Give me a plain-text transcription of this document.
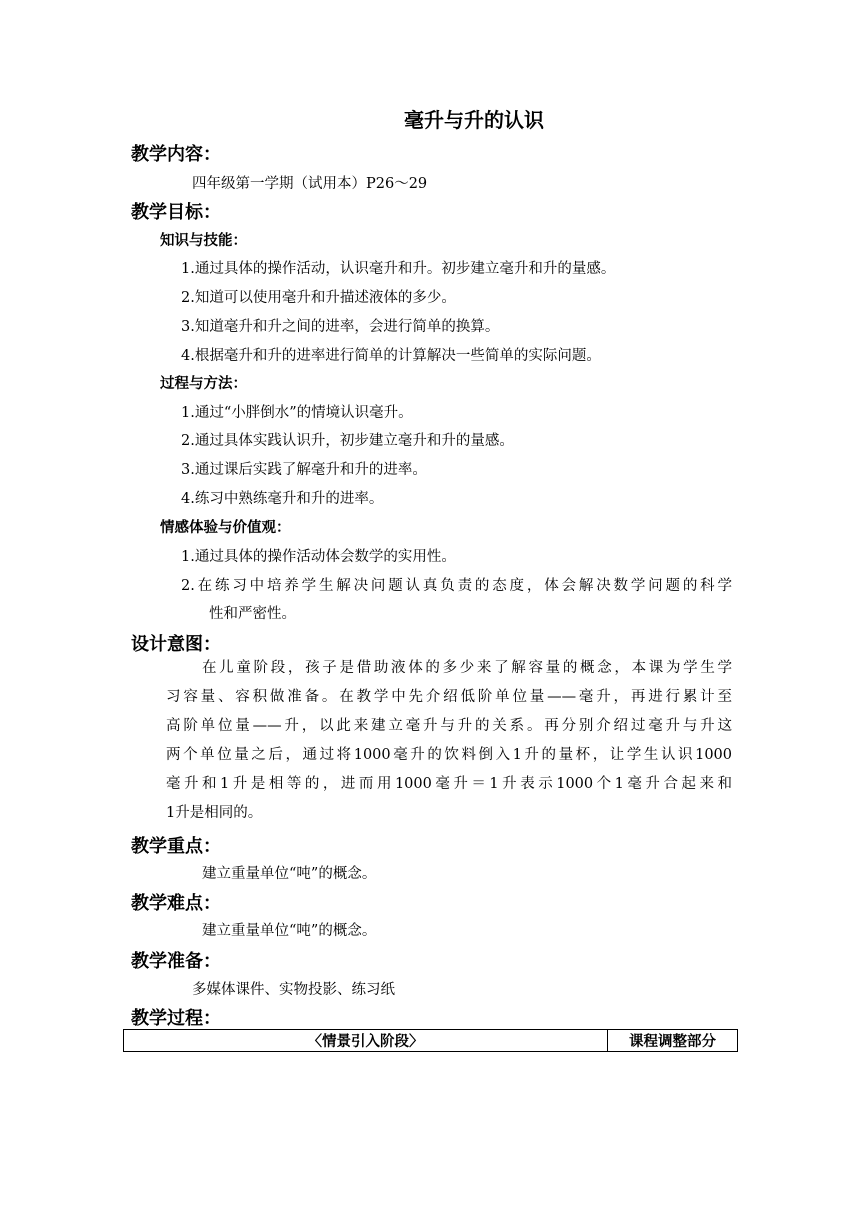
毫升与升的认识

教学内容：

四年级第一学期（试用本）P26～29

教学目标：

知识与技能：

1.通过具体的操作活动，认识毫升和升。初步建立毫升和升的量感。

2.知道可以使用毫升和升描述液体的多少。

3.知道毫升和升之间的进率，会进行简单的换算。

4.根据毫升和升的进率进行简单的计算解决一些简单的实际问题。

过程与方法：

1.通过“小胖倒水”的情境认识毫升。

2.通过具体实践认识升，初步建立毫升和升的量感。

3.通过课后实践了解毫升和升的进率。

4.练习中熟练毫升和升的进率。

情感体验与价值观：

1.通过具体的操作活动体会数学的实用性。

2.在练习中培养学生解决问题认真负责的态度，体会解决数学问题的科学

性和严密性。

设计意图：

在儿童阶段，孩子是借助液体的多少来了解容量的概念，本课为学生学
习容量、容积做准备。在教学中先介绍低阶单位量——毫升，再进行累计至
高阶单位量——升，以此来建立毫升与升的关系。再分别介绍过毫升与升这
两个单位量之后，通过将1000毫升的饮料倒入1升的量杯，让学生认识1000
毫升和1升是相等的，进而用1000毫升＝1升表示1000个1毫升合起来和
1升是相同的。

教学重点：

建立重量单位“吨”的概念。

教学难点：

建立重量单位“吨”的概念。

教学准备：

多媒体课件、实物投影、练习纸

教学过程：

〈情景引入阶段〉	课程调整部分
